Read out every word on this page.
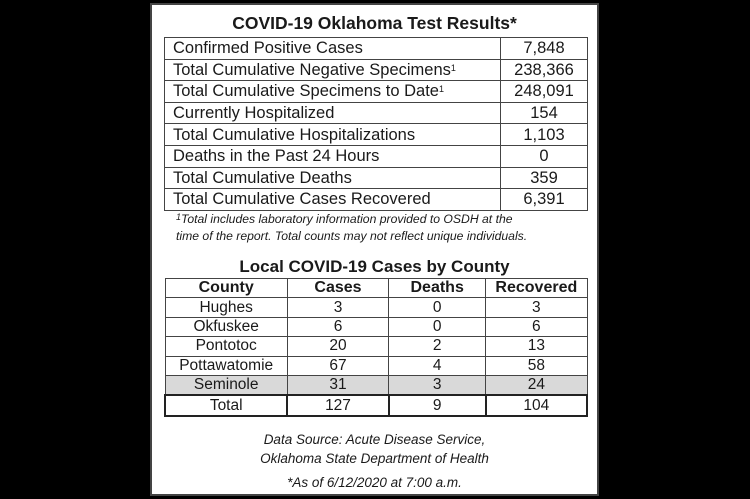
COVID-19 Oklahoma Test Results*
Confirmed Positive Cases	7,848
Total Cumulative Negative Specimens$^1$	238,366
Total Cumulative Specimens to Date$^1$	248,091
Currently Hospitalized	154
Total Cumulative Hospitalizations	1,103
Deaths in the Past 24 Hours	0
Total Cumulative Deaths	359
Total Cumulative Cases Recovered	6,391
$^1$Total includes laboratory information provided to OSDH at the
time of the report. Total counts may not reflect unique individuals.
Local COVID-19 Cases by County
County	Cases	Deaths	Recovered
Hughes	3	0	3
Okfuskee	6	0	6
Pontotoc	20	2	13
Pottawatomie	67	4	58
Seminole	31	3	24
Total	127	9	104
Data Source: Acute Disease Service,
Oklahoma State Department of Health
*As of 6/12/2020 at 7:00 a.m.
